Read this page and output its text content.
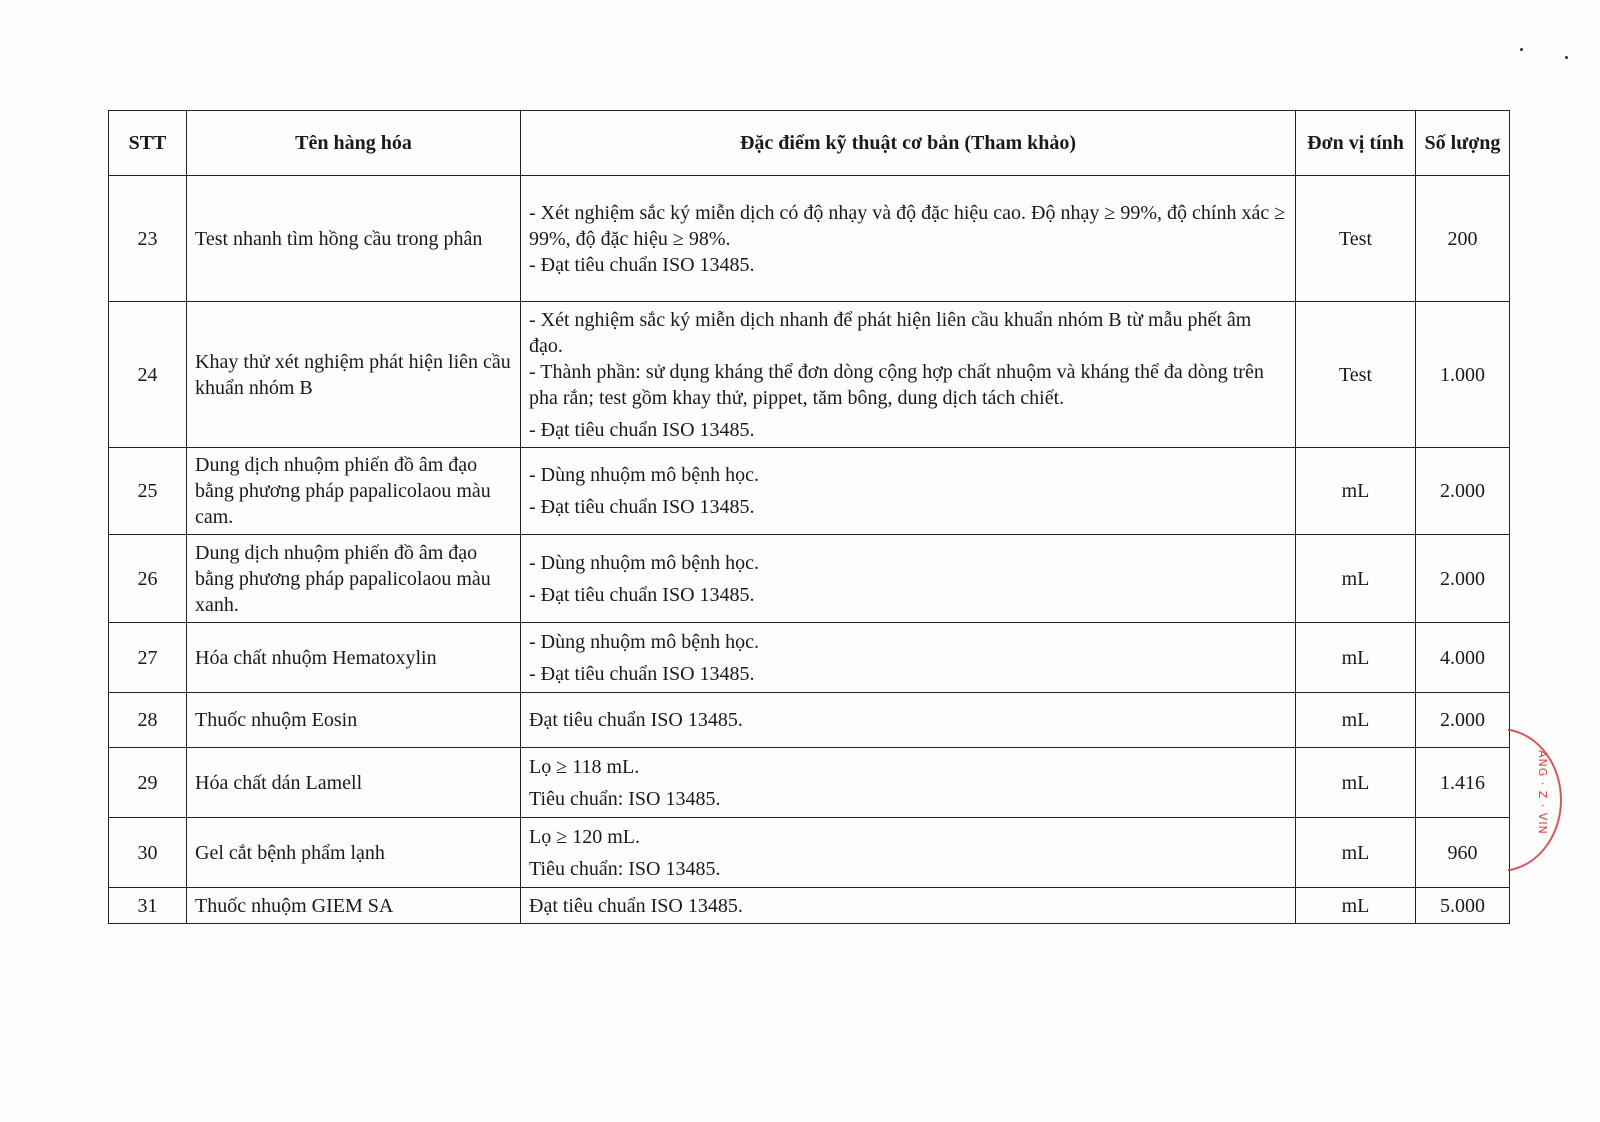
STT	Tên hàng hóa	Đặc điểm kỹ thuật cơ bản (Tham khảo)	Đơn vị tính	Số lượng
23	Test nhanh tìm hồng cầu trong phân	- Xét nghiệm sắc ký miễn dịch có độ nhạy và độ đặc hiệu cao. Độ nhạy ≥ 99%, độ chính xác ≥ 99%, độ đặc hiệu ≥ 98%.
- Đạt tiêu chuẩn ISO 13485.	Test	200
24	Khay thử xét nghiệm phát hiện liên cầu khuẩn nhóm B	- Xét nghiệm sắc ký miễn dịch nhanh để phát hiện liên cầu khuẩn nhóm B từ mẫu phết âm đạo.
- Thành phần: sử dụng kháng thể đơn dòng cộng hợp chất nhuộm và kháng thể đa dòng trên pha rắn; test gồm khay thử, pippet, tăm bông, dung dịch tách chiết.
- Đạt tiêu chuẩn ISO 13485.	Test	1.000
25	Dung dịch nhuộm phiến đồ âm đạo bằng phương pháp papalicolaou màu cam.	- Dùng nhuộm mô bệnh học.
- Đạt tiêu chuẩn ISO 13485.	mL	2.000
26	Dung dịch nhuộm phiến đồ âm đạo bằng phương pháp papalicolaou màu xanh.	- Dùng nhuộm mô bệnh học.
- Đạt tiêu chuẩn ISO 13485.	mL	2.000
27	Hóa chất nhuộm Hematoxylin	- Dùng nhuộm mô bệnh học.
- Đạt tiêu chuẩn ISO 13485.	mL	4.000
28	Thuốc nhuộm Eosin	Đạt tiêu chuẩn ISO 13485.	mL	2.000
29	Hóa chất dán Lamell	Lọ ≥ 118 mL.
Tiêu chuẩn: ISO 13485.	mL	1.416
30	Gel cắt bệnh phẩm lạnh	Lọ ≥ 120 mL.
Tiêu chuẩn: ISO 13485.	mL	960
31	Thuốc nhuộm GIEM SA	Đạt tiêu chuẩn ISO 13485.	mL	5.000
ANG · Z · VIN
